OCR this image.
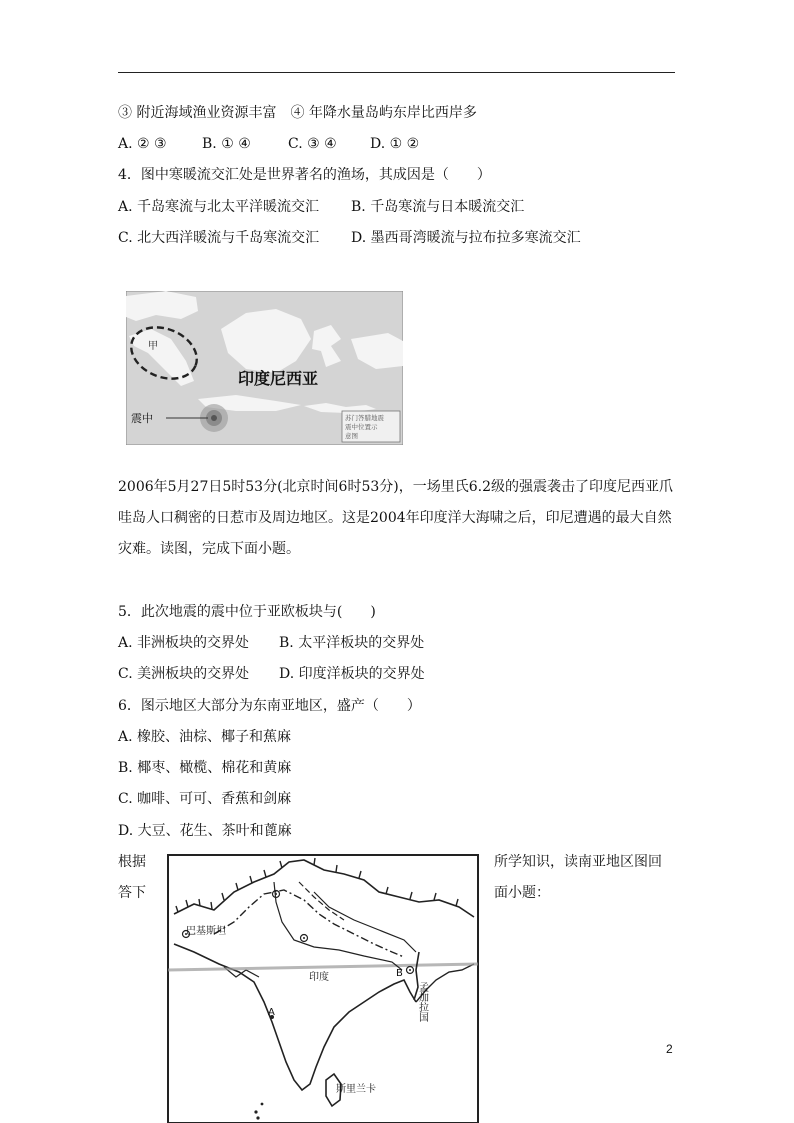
③ 附近海域渔业资源丰富　④ 年降水量岛屿东岸比西岸多
A. ② ③	B. ① ④	C. ③ ④ D. ① ②
4．图中寒暖流交汇处是世界著名的渔场，其成因是（　　）
A. 千岛寒流与北太平洋暖流交汇 B. 千岛寒流与日本暖流交汇
C. 北大西洋暖流与千岛寒流交汇 D. 墨西哥湾暖流与拉布拉多寒流交汇
甲
印度尼西亚
震中	苏门答腊地震
震中位置示
意图
2006年5月27日5时53分(北京时间6时53分)，一场里氏6.2级的强震袭击了印度尼西亚爪哇岛人口稠密的日惹市及周边地区。这是2004年印度洋大海啸之后，印尼遭遇的最大自然灾难。读图，完成下面小题。
5．此次地震的震中位于亚欧板块与(　　)
A. 非洲板块的交界处 B. 太平洋板块的交界处
C. 美洲板块的交界处 D. 印度洋板块的交界处
6．图示地区大部分为东南亚地区，盛产（　　）
A. 橡胶、油棕、椰子和蕉麻
B. 椰枣、橄榄、棉花和黄麻
C. 咖啡、可可、香蕉和剑麻
D. 大豆、花生、茶叶和蓖麻
根据
答下
所学知识，读南亚地区图回
面小题：
巴基斯坦
印度
A
B
斯里兰卡
孟加拉国
2
